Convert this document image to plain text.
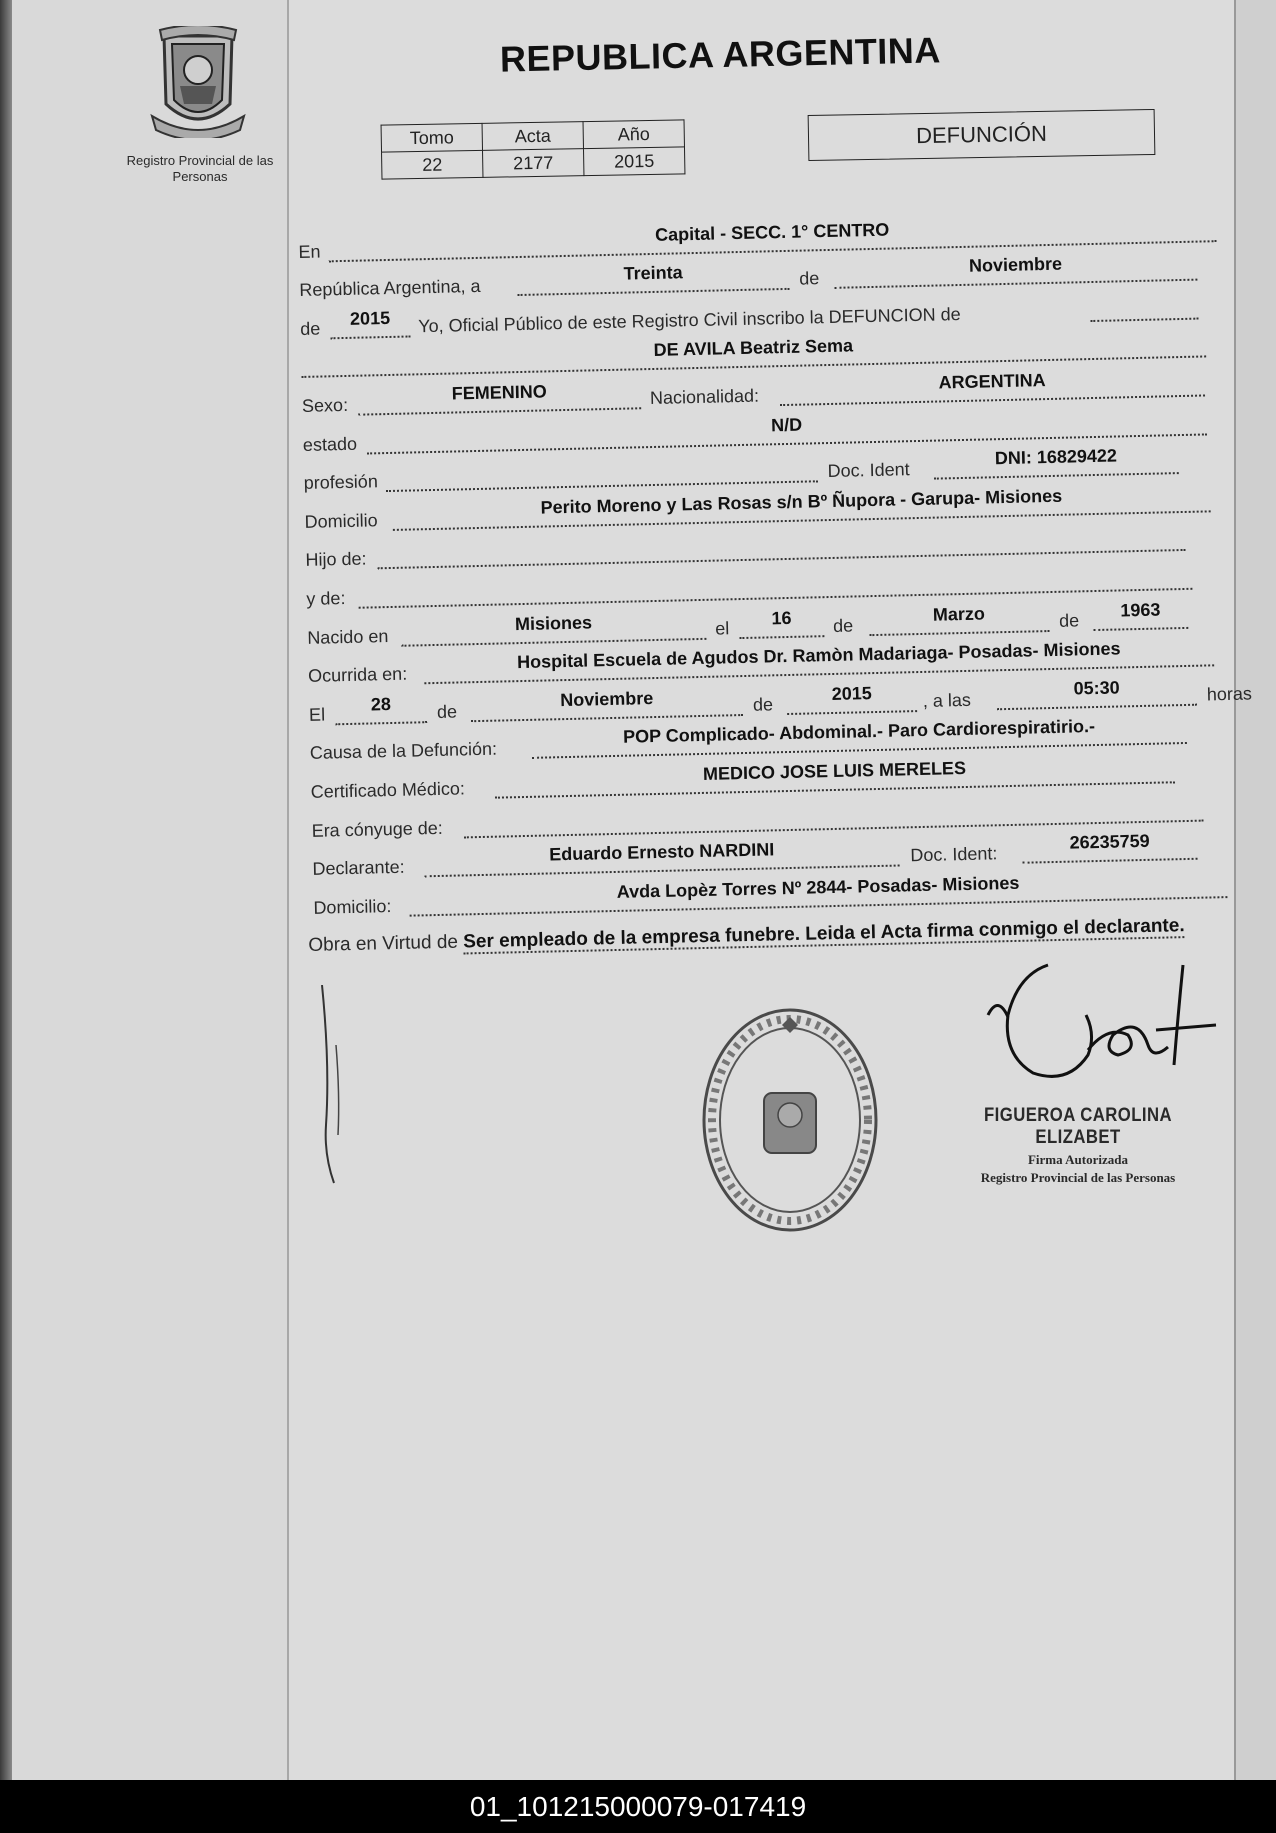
Registro Provincial de las Personas
REPUBLICA ARGENTINA
Tomo	Acta	Año
22	2177	2015
DEFUNCIÓN
En
Capital - SECC. 1° CENTRO
República Argentina, a
Treinta	de
Noviembre
de	2015	Yo, Oficial Público de este Registro Civil inscribo la DEFUNCION de
DE AVILA Beatriz Sema
Sexo:
FEMENINO	Nacionalidad:
ARGENTINA
estado
N/D
profesión
Doc. Ident
DNI: 16829422
Domicilio
Perito Moreno y Las Rosas s/n Bº Ñupora - Garupa- Misiones
Hijo de:
y de:
Nacido en
Misiones	el
16	de
Marzo	de
1963
Ocurrida en:
Hospital Escuela de Agudos Dr. Ramòn Madariaga- Posadas- Misiones
El
28	de
Noviembre	de
2015	, a las
05:30	horas
Causa de la Defunción:
POP Complicado- Abdominal.- Paro Cardiorespiratirio.-
Certificado Médico:
MEDICO JOSE LUIS MERELES
Era cónyuge de:
Declarante:
Eduardo Ernesto NARDINI	Doc. Ident:
26235759
Domicilio:
Avda Lopèz Torres Nº 2844- Posadas- Misiones
Obra en Virtud de Ser empleado de la empresa funebre. Leida el Acta firma conmigo el declarante.
FIGUEROA CAROLINA ELIZABET
Firma Autorizada
Registro Provincial de las Personas
01_101215000079-017419
